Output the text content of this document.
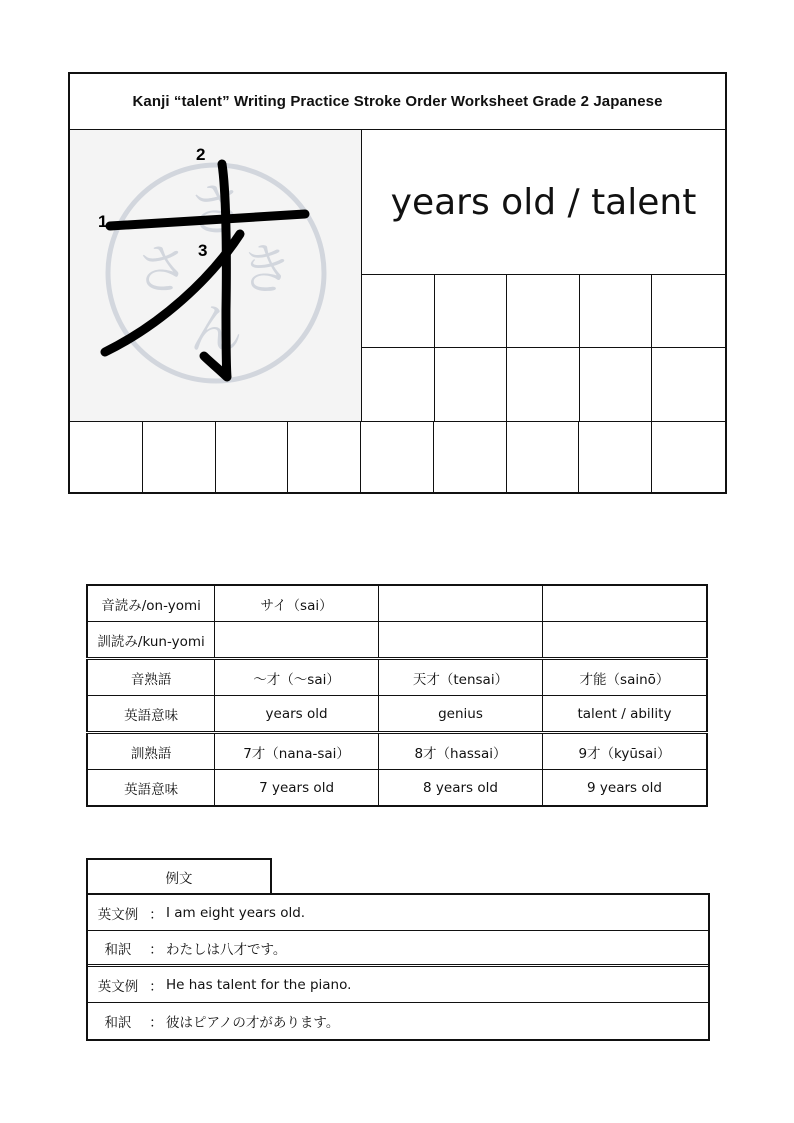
Kanji “talent” Writing Practice Stroke Order Worksheet Grade 2 Japanese
さ
さ き
ん
1
2
3
years old / talent
音読み/on-yomi	サイ（sai）		
訓読み/kun-yomi			
音熟語	〜才（〜sai）	天才（tensai）	才能（sainō）
英語意味	years old	genius	talent / ability
訓熟語	7才（nana-sai）	8才（hassai）	9才（kyūsai）
英語意味	7 years old	8 years old	9 years old
例文
英文例 ： I am eight years old.
和訳	： わたしは八才です。
英文例 ： He has talent for the piano.
和訳	： 彼はピアノの才があります。
